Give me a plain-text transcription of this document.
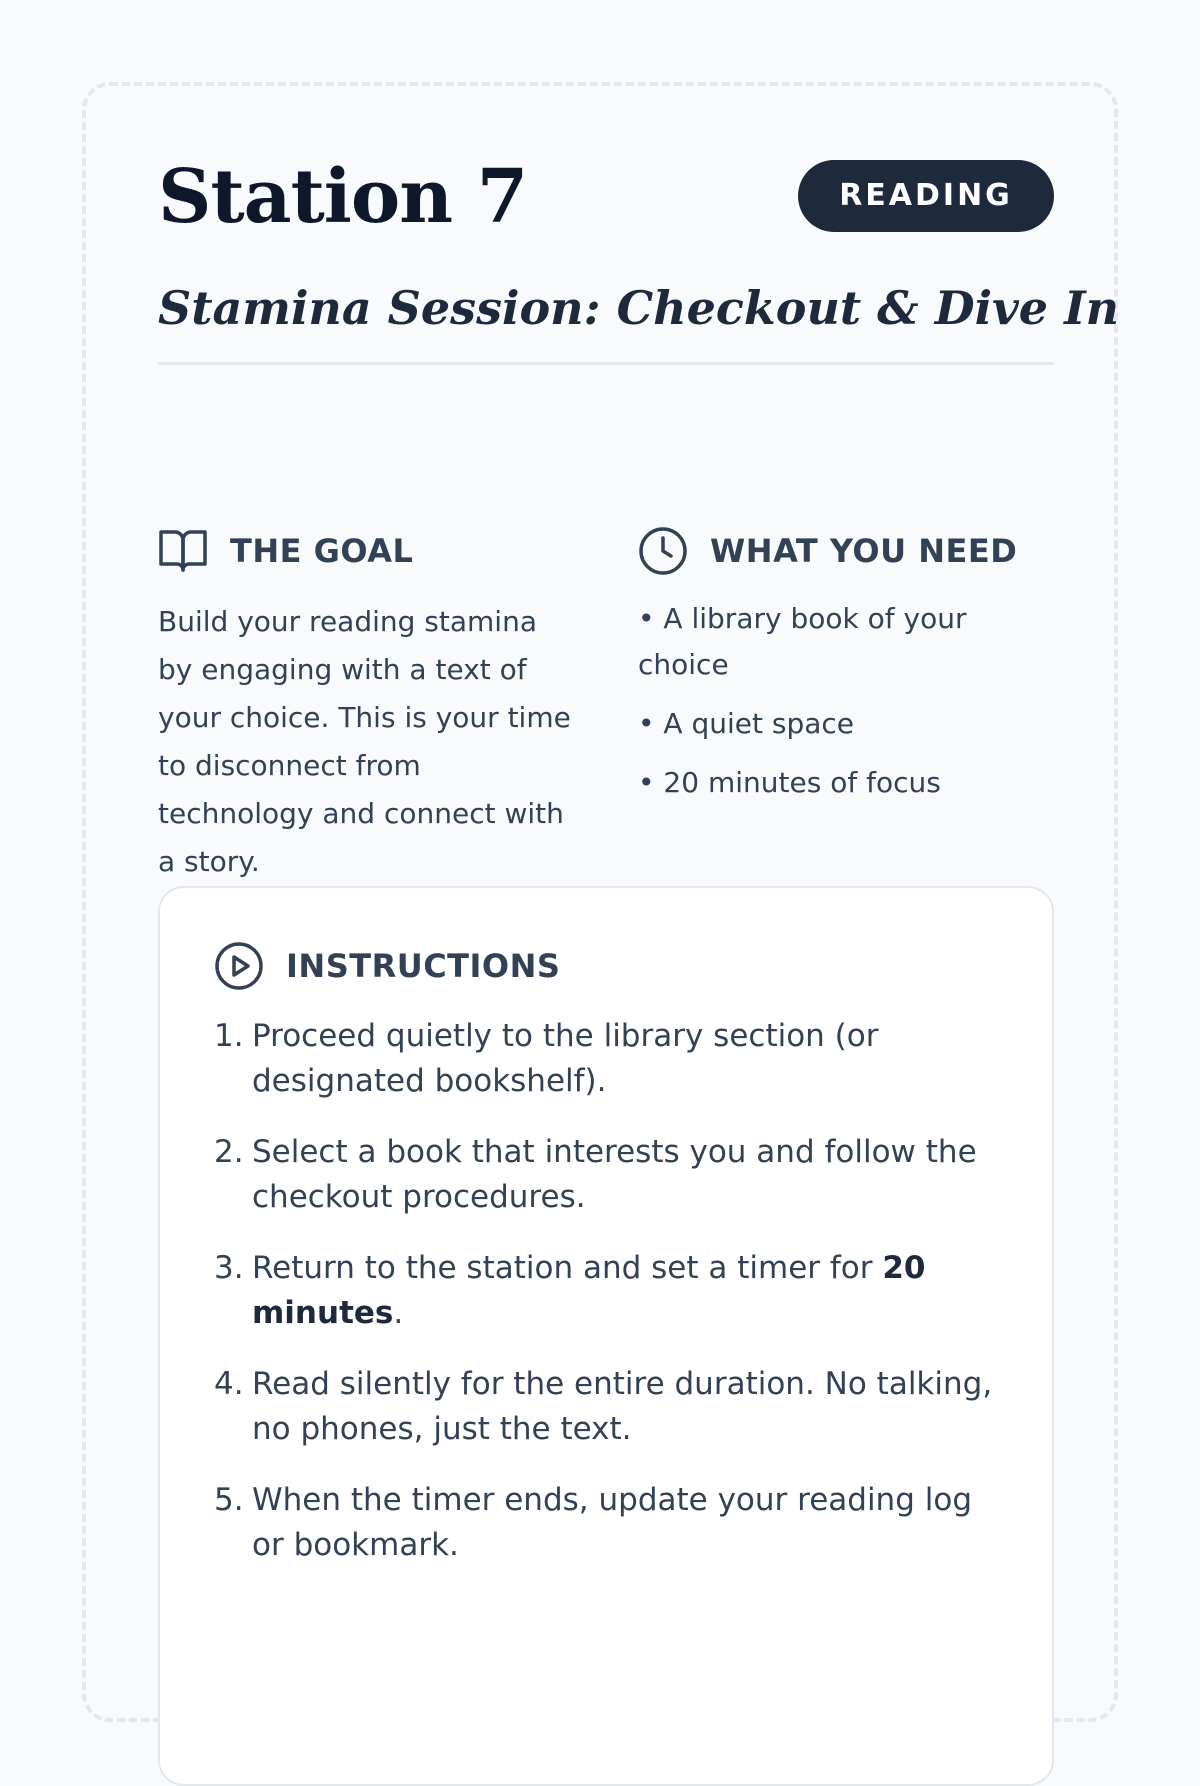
Station 7	READING
Stamina Session: Checkout & Dive In
THE GOAL

Build your reading stamina by engaging with a text of your choice. This is your time to disconnect from technology and connect with a story.

WHAT YOU NEED
• A library book of your choice
• A quiet space
• 20 minutes of focus
INSTRUCTIONS
1. Proceed quietly to the library section (or designated bookshelf).
2. Select a book that interests you and follow the checkout procedures.
3. Return to the station and set a timer for 20 minutes.
4. Read silently for the entire duration. No talking, no phones, just the text.
5. When the timer ends, update your reading log or bookmark.
